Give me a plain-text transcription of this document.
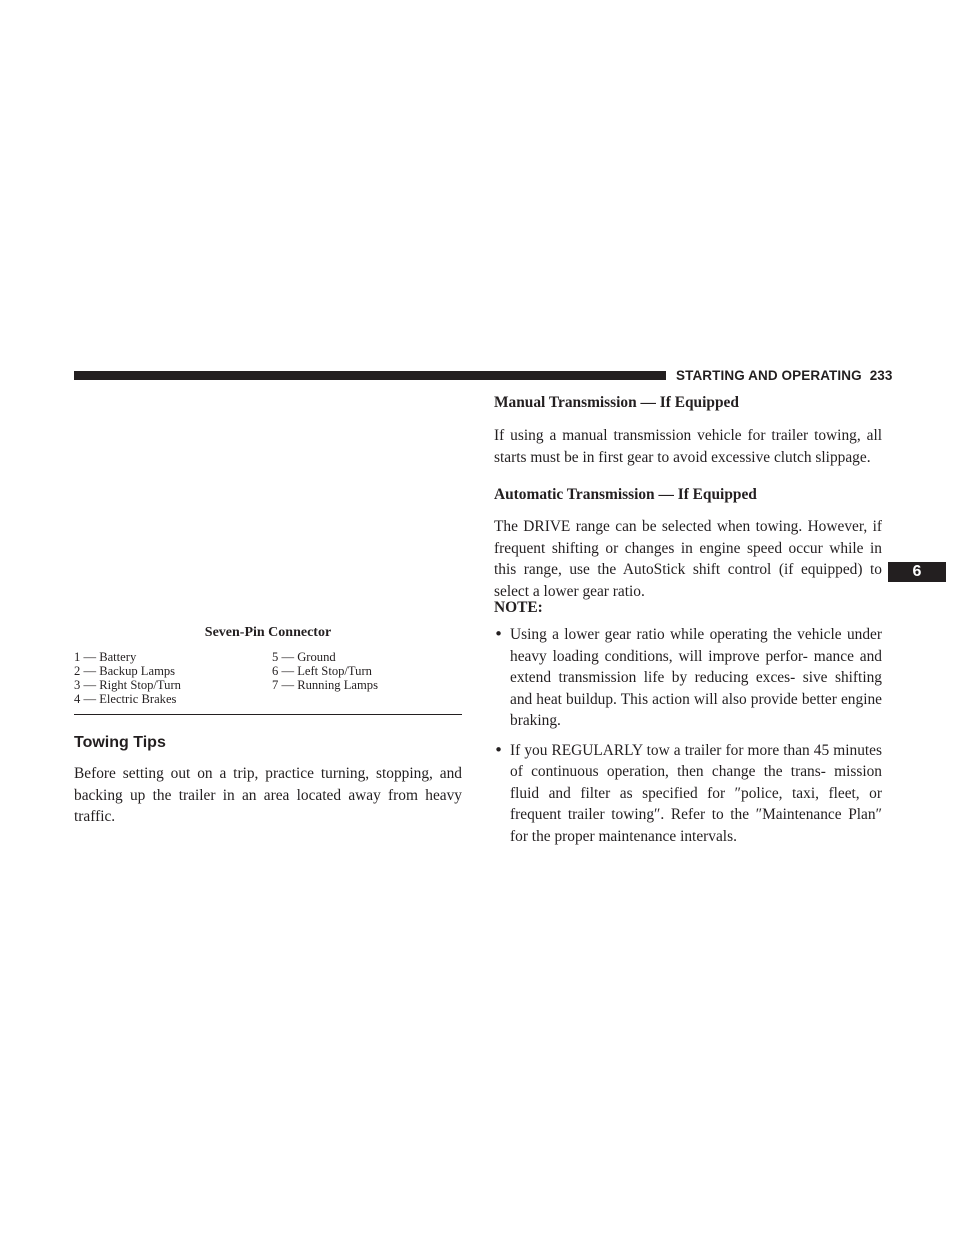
STARTING AND OPERATING 233
6
Seven-Pin Connector
1 — Battery	5 — Ground
2 — Backup Lamps	6 — Left Stop/Turn
3 — Right Stop/Turn	7 — Running Lamps
4 — Electric Brakes
Towing Tips

Before setting out on a trip, practice turning, stopping, and backing up the trailer in an area located away from heavy traffic.

Manual Transmission — If Equipped

If using a manual transmission vehicle for trailer towing, all starts must be in first gear to avoid excessive clutch slippage.

Automatic Transmission — If Equipped

The DRIVE range can be selected when towing. However, if frequent shifting or changes in engine speed occur while in this range, use the AutoStick shift control (if equipped) to select a lower gear ratio.

NOTE:
• Using a lower gear ratio while operating the vehicle under heavy loading conditions, will improve perfor- mance and extend transmission life by reducing exces- sive shifting and heat buildup. This action will also provide better engine braking.
• If you REGULARLY tow a trailer for more than 45 minutes of continuous operation, then change the trans- mission fluid and filter as specified for ″police, taxi, fleet, or frequent trailer towing″. Refer to the ″Maintenance Plan″ for the proper maintenance intervals.
